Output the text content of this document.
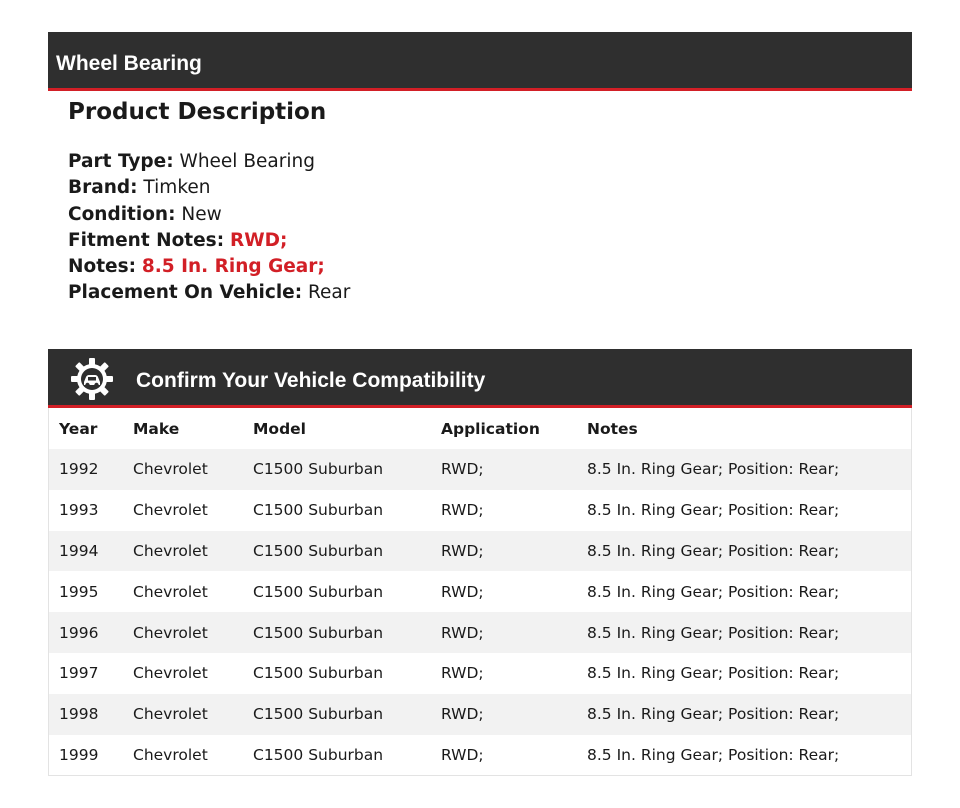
Wheel Bearing
Product Description
Part Type: Wheel Bearing
Brand: Timken
Condition: New
Fitment Notes: RWD;
Notes: 8.5 In. Ring Gear;
Placement On Vehicle: Rear
Confirm Your Vehicle Compatibility
Year	Make	Model	Application	Notes
1992	Chevrolet	C1500 Suburban	RWD;	8.5 In. Ring Gear; Position: Rear;
1993	Chevrolet	C1500 Suburban	RWD;	8.5 In. Ring Gear; Position: Rear;
1994	Chevrolet	C1500 Suburban	RWD;	8.5 In. Ring Gear; Position: Rear;
1995	Chevrolet	C1500 Suburban	RWD;	8.5 In. Ring Gear; Position: Rear;
1996	Chevrolet	C1500 Suburban	RWD;	8.5 In. Ring Gear; Position: Rear;
1997	Chevrolet	C1500 Suburban	RWD;	8.5 In. Ring Gear; Position: Rear;
1998	Chevrolet	C1500 Suburban	RWD;	8.5 In. Ring Gear; Position: Rear;
1999	Chevrolet	C1500 Suburban	RWD;	8.5 In. Ring Gear; Position: Rear;
